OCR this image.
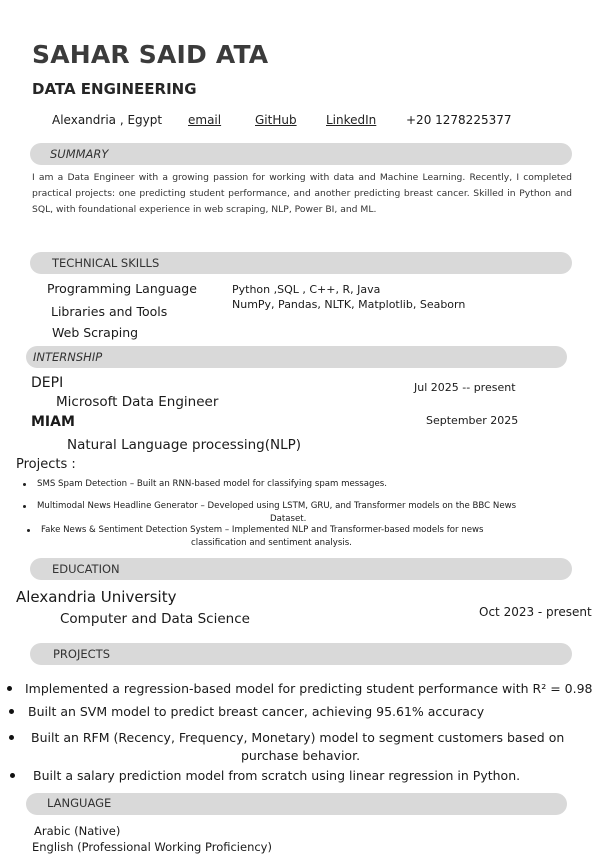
SAHAR SAID ATA
DATA ENGINEERING
Alexandria , Egypt email	GitHub LinkedIn +20 1278225377
SUMMARY
I am a Data Engineer with a growing passion for working with data and Machine Learning. Recently, I completed practical projects: one predicting student performance, and another predicting breast cancer. Skilled in Python and SQL, with foundational experience in web scraping, NLP, Power BI, and ML.
TECHNICAL SKILLS
Programming Language	Python ,SQL , C++, R, Java
Libraries and Tools	NumPy, Pandas, NLTK, Matplotlib, Seaborn
Web Scraping
INTERNSHIP
DEPI	Jul 2025 -- present
Microsoft Data Engineer
MIAM	September 2025
Natural Language processing(NLP)
Projects :
SMS Spam Detection – Built an RNN-based model for classifying spam messages.
Multimodal News Headline Generator – Developed using LSTM, GRU, and Transformer models on the BBC News
Dataset.
Fake News & Sentiment Detection System – Implemented NLP and Transformer-based models for news
classification and sentiment analysis.
EDUCATION
Alexandria University
Computer and Data Science	Oct 2023 - present
PROJECTS
Implemented a regression-based model for predicting student performance with R² = 0.98
Built an SVM model to predict breast cancer, achieving 95.61% accuracy
Built an RFM (Recency, Frequency, Monetary) model to segment customers based on
purchase behavior.
Built a salary prediction model from scratch using linear regression in Python.
LANGUAGE
Arabic (Native)
English (Professional Working Proficiency)
